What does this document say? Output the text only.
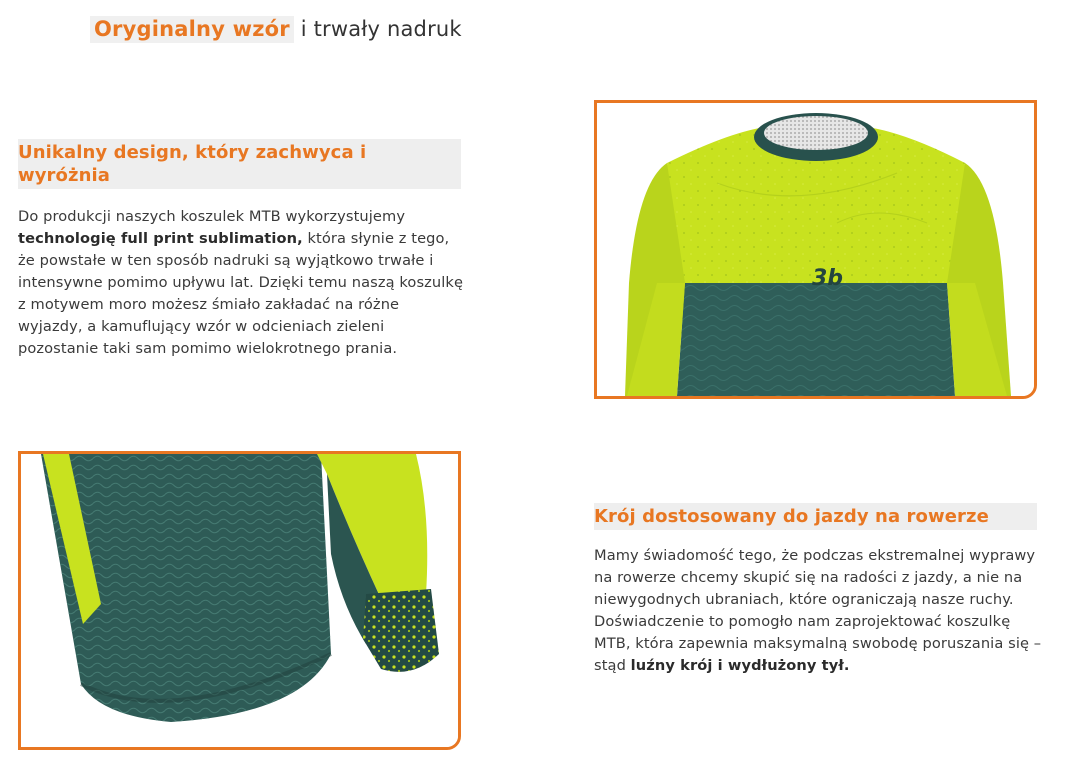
Oryginalny wzór i trwały nadruk
Unikalny design, który zachwyca i wyróżnia

Do produkcji naszych koszulek MTB wykorzystujemy technologię full print sublimation, która słynie z tego, że powstałe w ten sposób nadruki są wyjątkowo trwałe i intensywne pomimo upływu lat. Dzięki temu naszą koszulkę z motywem moro możesz śmiało zakładać na różne wyjazdy, a kamuflujący wzór w odcieniach zieleni pozostanie taki sam pomimo wielokrotnego prania.

3b
Krój dostosowany do jazdy na rowerze

Mamy świadomość tego, że podczas ekstremalnej wyprawy na rowerze chcemy skupić się na radości z jazdy, a nie na niewygodnych ubraniach, które ograniczają nasze ruchy. Doświadczenie to pomogło nam zaprojektować koszulkę MTB, która zapewnia maksymalną swobodę poruszania się – stąd luźny krój i wydłużony tył.
